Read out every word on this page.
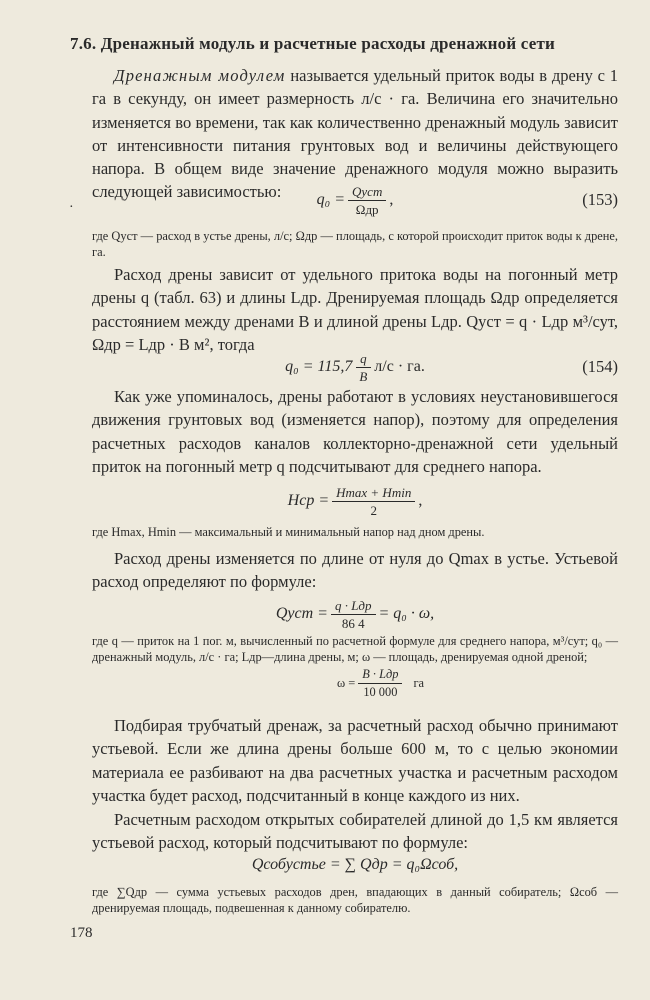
7.6. Дренажный модуль и расчетные расходы дренажной сети

Дренажным модулем называется удельный приток воды в дрену с 1 га в секунду, он имеет размерность л/с · га. Величина его значительно изменяется во времени, так как количественно дренажный модуль зависит от интенсивности питания грунтовых вод и величины действующего напора. В общем виде значение дренажного модуля можно выразить следующей зависимостью:

·	$q_0 = \frac{\text{Qуст}}{\text{Ωдр}}$ ,	(153)

где Qуст — расход в устье дрены, л/с; Ωдр — площадь, с которой происходит приток воды к дрене, га.

Расход дрены зависит от удельного притока воды на погонный метр дрены q (табл. 63) и длины Lдр. Дренируемая площадь Ωдр определяется расстоянием между дренами B и длиной дрены Lдр. Qуст = q · Lдр м³/сут, Ωдр = Lдр · B м², тогда

$q_0 = 115,7 \frac{q}{B} л/с$ · га.	(154)

Как уже упоминалось, дрены работают в условиях неустановившегося движения грунтовых вод (изменяется напор), поэтому для определения расчетных расходов каналов коллекторно-дренажной сети удельный приток на погонный метр q подсчитывают для среднего напора.

Hср = $\frac{Hmax + Hmin}{2}$ ,

где Hmax, Hmin — максимальный и минимальный напор над дном дрены.

Расход дрены изменяется по длине от нуля до Qmax в устье. Устьевой расход определяют по формуле:

Qуст = $\frac{\text{q · Lдр}}{86 4} = q_0 \cdot \omega$,

где q — приток на 1 пог. м, вычисленный по расчетной формуле для среднего напора, м³/сут; q₀ — дренажный модуль, л/с · га; Lдр—длина дрены, м; ω — площадь, дренируемая одной дреной;

$\omega = \frac{\text{B · Lдр}}{10 000}$ га

Подбирая трубчатый дренаж, за расчетный расход обычно принимают устьевой. Если же длина дрены больше 600 м, то с целью экономии материала ее разбивают на два расчетных участка и расчетным расходом участка будет расход, подсчитанный в конце каждого из них.

Расчетным расходом открытых собирателей длиной до 1,5 км является устьевой расход, который подсчитывают по формуле:

Qсобустье = ∑ Qдр = q₀Ωсоб,

где ∑Qдр — сумма устьевых расходов дрен, впадающих в данный собиратель; Ωсоб — дренируемая площадь, подвешенная к данному собирателю.

178
